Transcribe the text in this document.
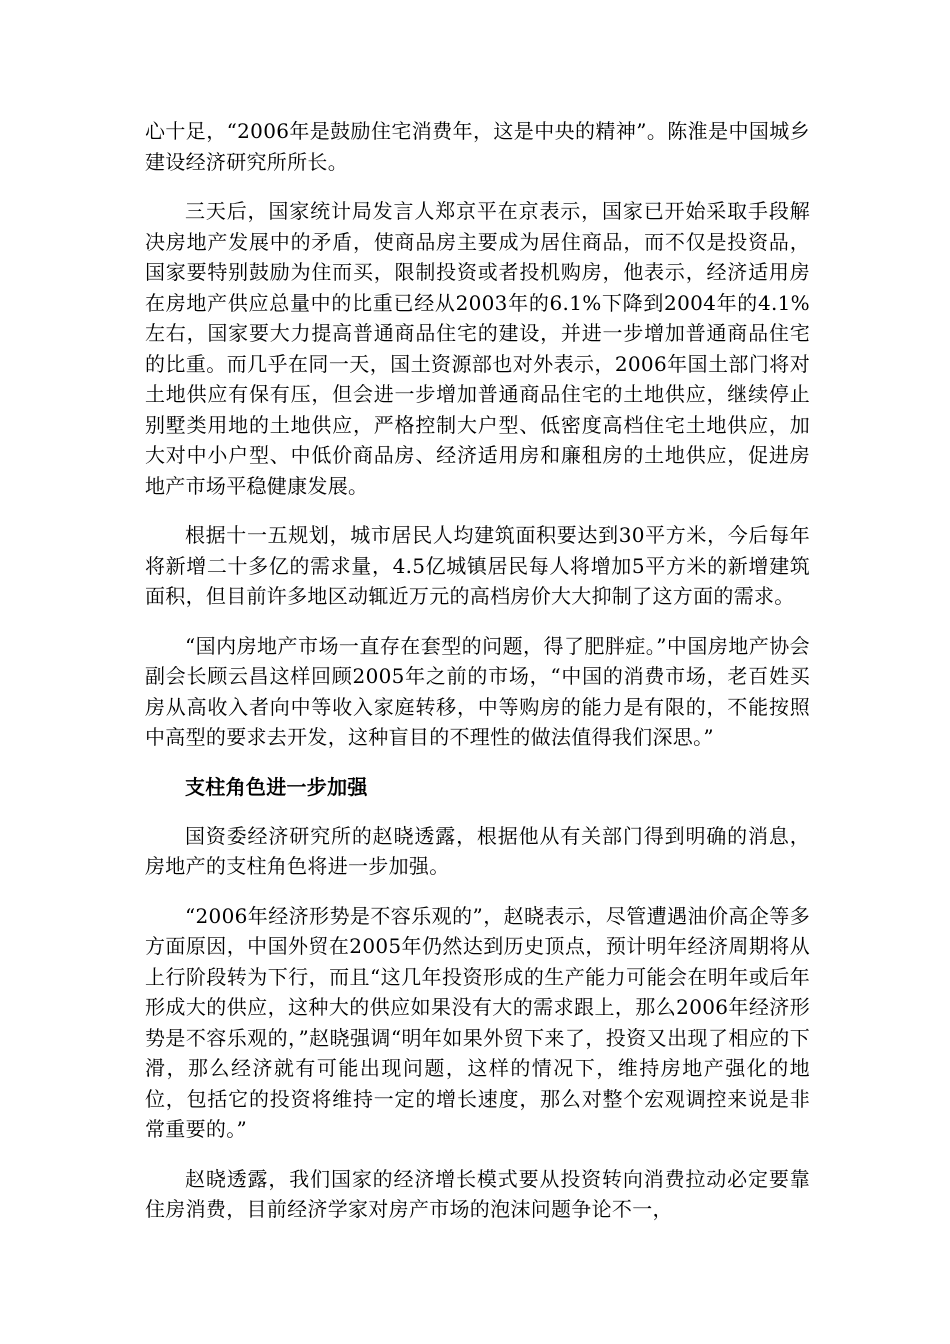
心十足，“2006年是鼓励住宅消费年，这是中央的精神”。陈淮是中国城乡建设经济研究所所长。

三天后，国家统计局发言人郑京平在京表示，国家已开始采取手段解决房地产发展中的矛盾，使商品房主要成为居住商品，而不仅是投资品，国家要特别鼓励为住而买，限制投资或者投机购房，他表示，经济适用房在房地产供应总量中的比重已经从2003年的6.1%下降到2004年的4.1%左右，国家要大力提高普通商品住宅的建设，并进一步增加普通商品住宅的比重。而几乎在同一天，国土资源部也对外表示，2006年国土部门将对土地供应有保有压，但会进一步增加普通商品住宅的土地供应，继续停止别墅类用地的土地供应，严格控制大户型、低密度高档住宅土地供应，加大对中小户型、中低价商品房、经济适用房和廉租房的土地供应，促进房地产市场平稳健康发展。

根据十一五规划，城市居民人均建筑面积要达到30平方米，今后每年将新增二十多亿的需求量，4.5亿城镇居民每人将增加5平方米的新增建筑面积，但目前许多地区动辄近万元的高档房价大大抑制了这方面的需求。

“国内房地产市场一直存在套型的问题，得了肥胖症。”中国房地产协会副会长顾云昌这样回顾2005年之前的市场，“中国的消费市场，老百姓买房从高收入者向中等收入家庭转移，中等购房的能力是有限的，不能按照中高型的要求去开发，这种盲目的不理性的做法值得我们深思。”

支柱角色进一步加强

国资委经济研究所的赵晓透露，根据他从有关部门得到明确的消息，房地产的支柱角色将进一步加强。

“2006年经济形势是不容乐观的”，赵晓表示，尽管遭遇油价高企等多方面原因，中国外贸在2005年仍然达到历史顶点，预计明年经济周期将从上行阶段转为下行，而且“这几年投资形成的生产能力可能会在明年或后年形成大的供应，这种大的供应如果没有大的需求跟上，那么2006年经济形势是不容乐观的，”赵晓强调“明年如果外贸下来了，投资又出现了相应的下滑，那么经济就有可能出现问题，这样的情况下，维持房地产强化的地位，包括它的投资将维持一定的增长速度，那么对整个宏观调控来说是非常重要的。”

赵晓透露，我们国家的经济增长模式要从投资转向消费拉动必定要靠住房消费，目前经济学家对房产市场的泡沫问题争论不一，
